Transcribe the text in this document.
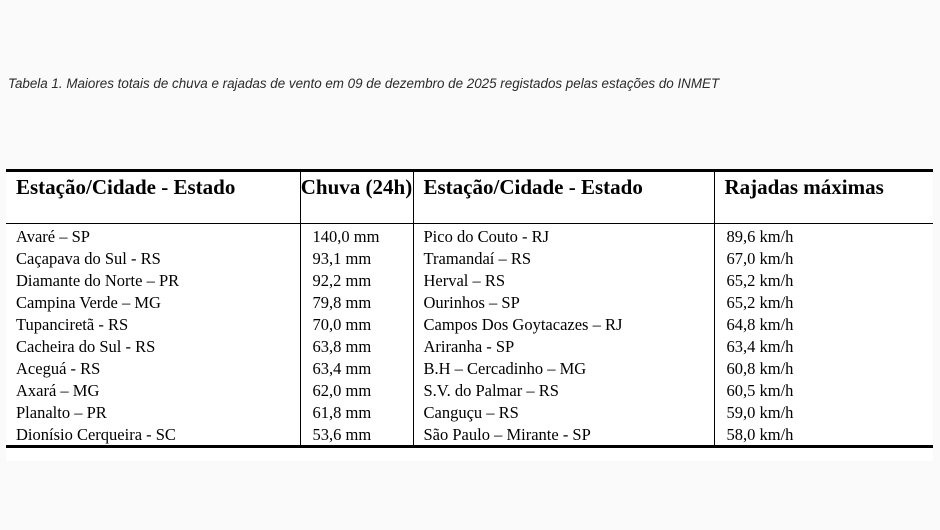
Tabela 1. Maiores totais de chuva e rajadas de vento em 09 de dezembro de 2025 registados pelas estações do INMET
Estação/Cidade - Estado	Chuva (24h)	Estação/Cidade - Estado	Rajadas máximas
Avaré – SP	140,0 mm	Pico do Couto - RJ	89,6 km/h
Caçapava do Sul - RS	93,1 mm	Tramandaí – RS	67,0 km/h
Diamante do Norte – PR	92,2 mm	Herval – RS	65,2 km/h
Campina Verde – MG	79,8 mm	Ourinhos – SP	65,2 km/h
Tupanciretã - RS	70,0 mm	Campos Dos Goytacazes – RJ	64,8 km/h
Cacheira do Sul - RS	63,8 mm	Ariranha - SP	63,4 km/h
Aceguá - RS	63,4 mm	B.H – Cercadinho – MG	60,8 km/h
Axará – MG	62,0 mm	S.V. do Palmar – RS	60,5 km/h
Planalto – PR	61,8 mm	Canguçu – RS	59,0 km/h
Dionísio Cerqueira - SC	53,6 mm	São Paulo – Mirante - SP	58,0 km/h
